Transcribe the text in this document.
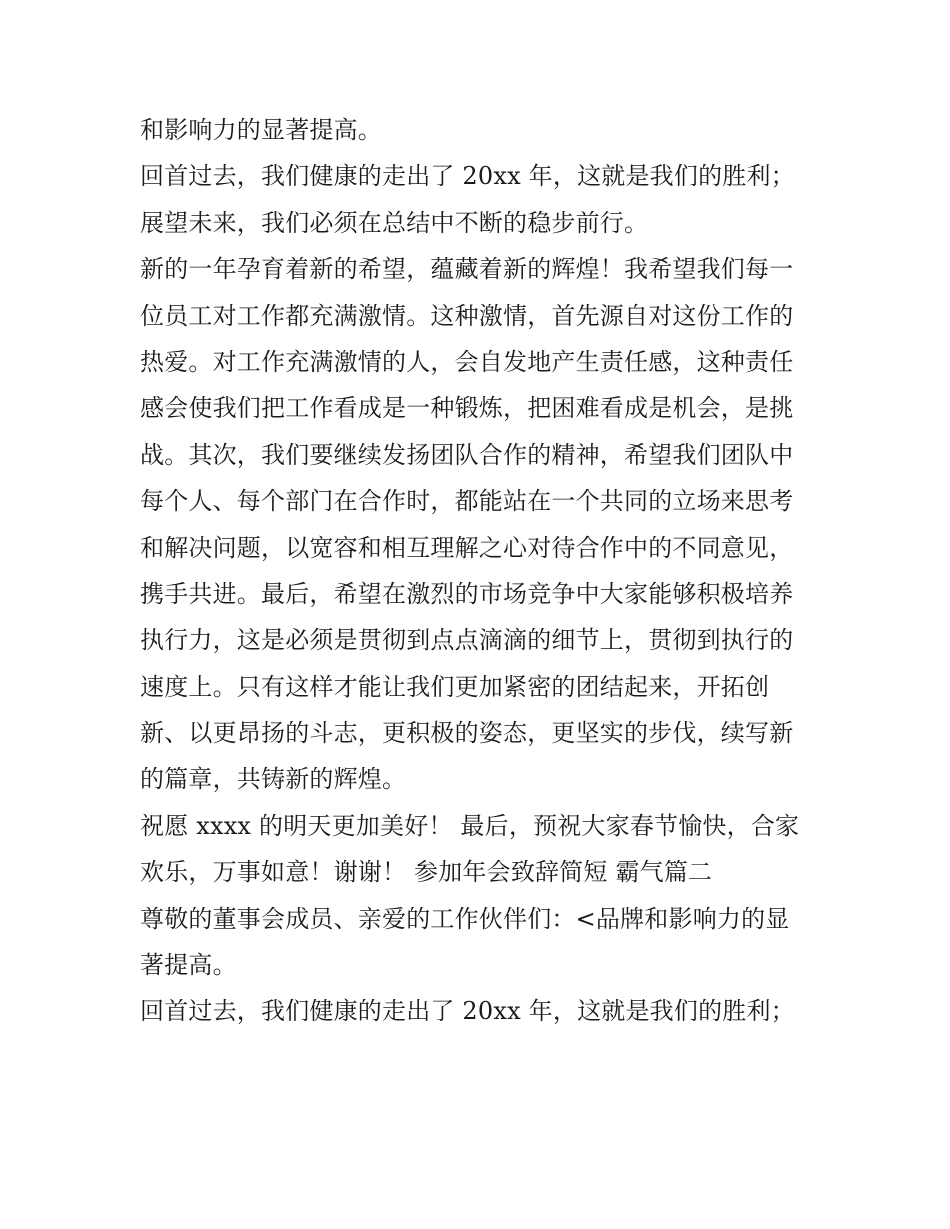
和影响力的显著提高。
回首过去，我们健康的走出了 20xx 年，这就是我们的胜利；
展望未来，我们必须在总结中不断的稳步前行。
新的一年孕育着新的希望，蕴藏着新的辉煌！我希望我们每一
位员工对工作都充满激情。这种激情，首先源自对这份工作的
热爱。对工作充满激情的人，会自发地产生责任感，这种责任
感会使我们把工作看成是一种锻炼，把困难看成是机会，是挑
战。其次，我们要继续发扬团队合作的精神，希望我们团队中
每个人、每个部门在合作时，都能站在一个共同的立场来思考
和解决问题，以宽容和相互理解之心对待合作中的不同意见，
携手共进。最后，希望在激烈的市场竞争中大家能够积极培养
执行力，这是必须是贯彻到点点滴滴的细节上，贯彻到执行的
速度上。只有这样才能让我们更加紧密的团结起来，开拓创
新、以更昂扬的斗志，更积极的姿态，更坚实的步伐，续写新
的篇章，共铸新的辉煌。
祝愿 xxxx 的明天更加美好！ 最后，预祝大家春节愉快，合家
欢乐，万事如意！谢谢！ 参加年会致辞简短 霸气篇二
尊敬的董事会成员、亲爱的工作伙伴们：<品牌和影响力的显
著提高。
回首过去，我们健康的走出了 20xx 年，这就是我们的胜利；
